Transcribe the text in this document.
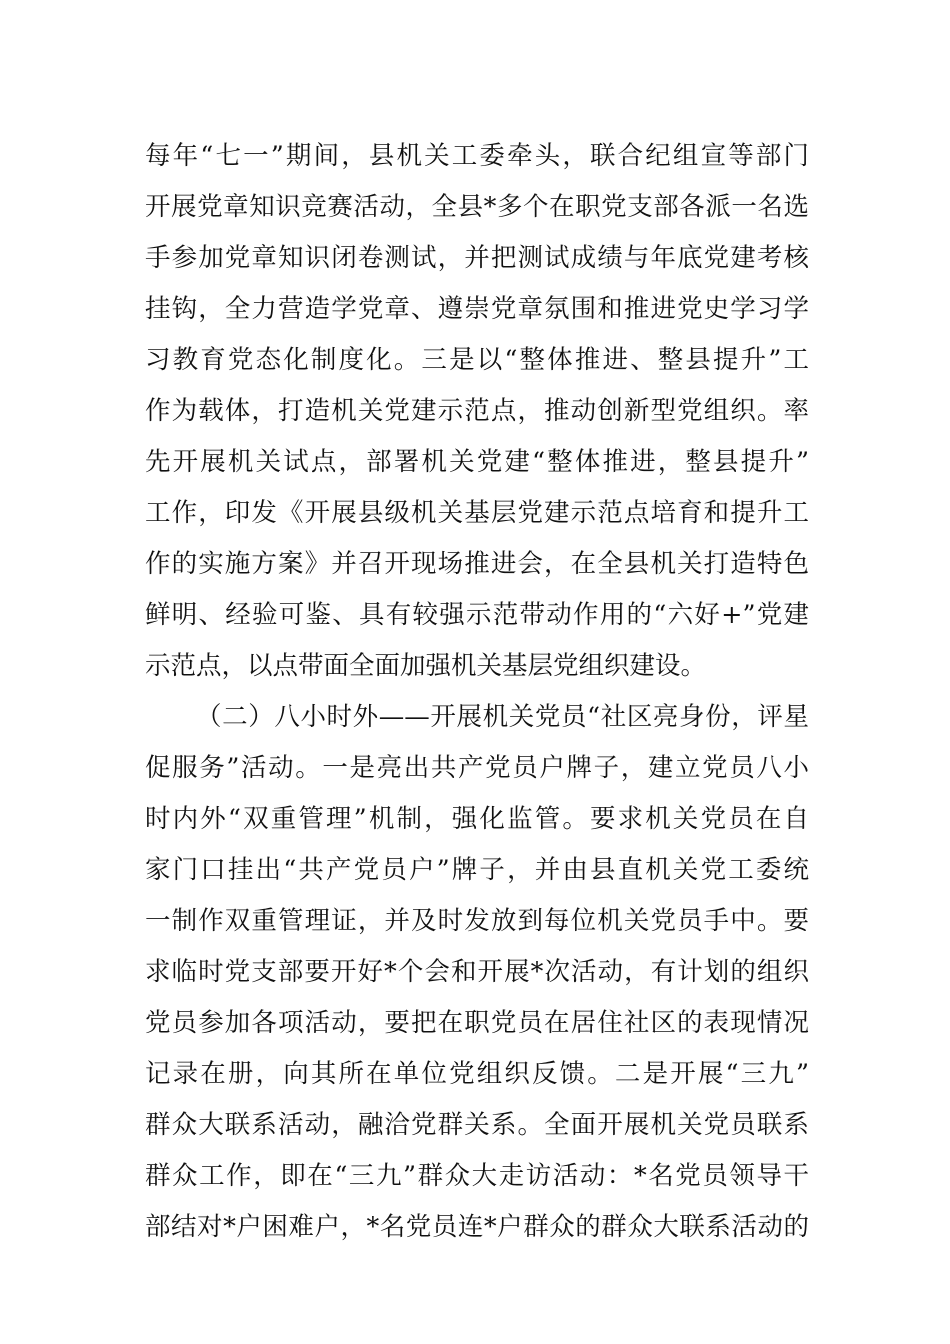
每年“七一”期间，县机关工委牵头，联合纪组宣等部门
开展党章知识竞赛活动，全县*多个在职党支部各派一名选
手参加党章知识闭卷测试，并把测试成绩与年底党建考核
挂钩，全力营造学党章、遵崇党章氛围和推进党史学习学
习教育党态化制度化。三是以“整体推进、整县提升”工
作为载体，打造机关党建示范点，推动创新型党组织。率
先开展机关试点，部署机关党建“整体推进，整县提升”
工作，印发《开展县级机关基层党建示范点培育和提升工
作的实施方案》并召开现场推进会，在全县机关打造特色
鲜明、经验可鉴、具有较强示范带动作用的“六好+”党建
示范点，以点带面全面加强机关基层党组织建设。
（二）八小时外——开展机关党员“社区亮身份，评星
促服务”活动。一是亮出共产党员户牌子，建立党员八小
时内外“双重管理”机制，强化监管。要求机关党员在自
家门口挂出“共产党员户”牌子，并由县直机关党工委统
一制作双重管理证，并及时发放到每位机关党员手中。要
求临时党支部要开好*个会和开展*次活动，有计划的组织
党员参加各项活动，要把在职党员在居住社区的表现情况
记录在册，向其所在单位党组织反馈。二是开展“三九”
群众大联系活动，融洽党群关系。全面开展机关党员联系
群众工作，即在“三九”群众大走访活动：*名党员领导干
部结对*户困难户，*名党员连*户群众的群众大联系活动的
